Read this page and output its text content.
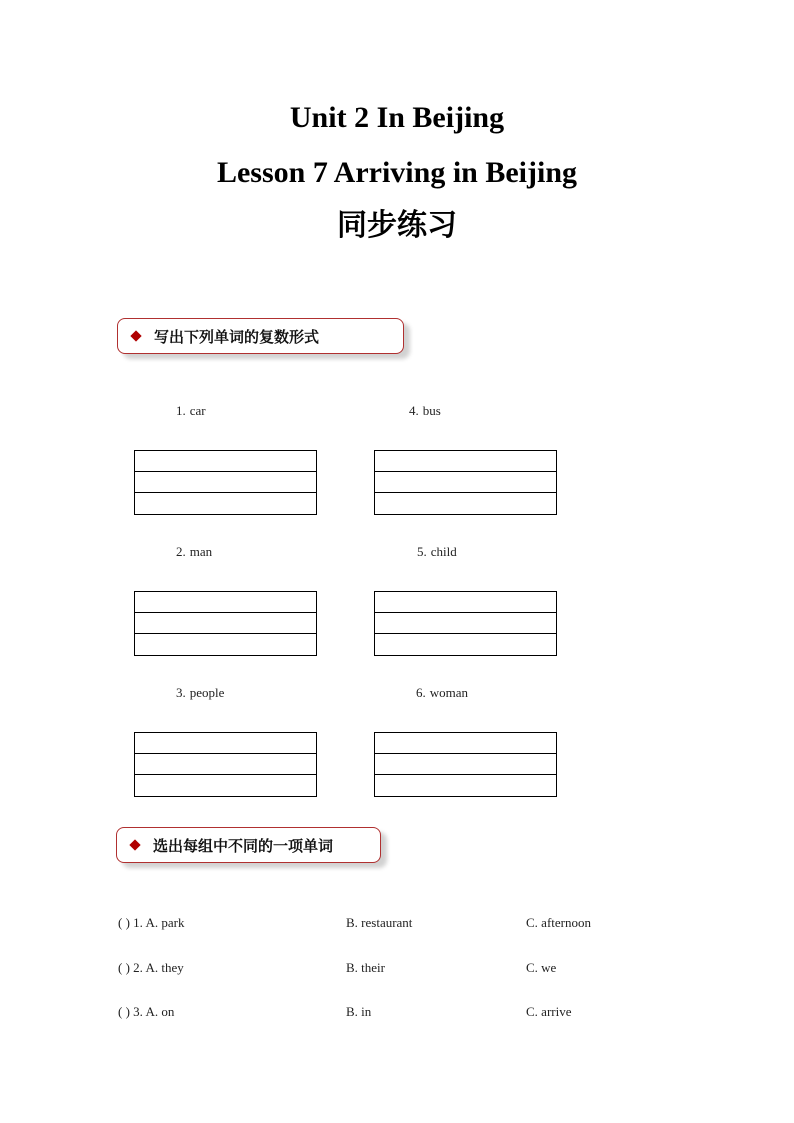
Unit 2 In Beijing
Lesson 7 Arriving in Beijing
同步练习
写出下列单词的复数形式
1. car
2. man
3. people
4. bus
5. child
6. woman
选出每组中不同的一项单词
( ) 1. A. park	B. restaurant	C. afternoon
( ) 2. A. they	B. their	C. we
( ) 3. A. on	B. in	C. arrive
